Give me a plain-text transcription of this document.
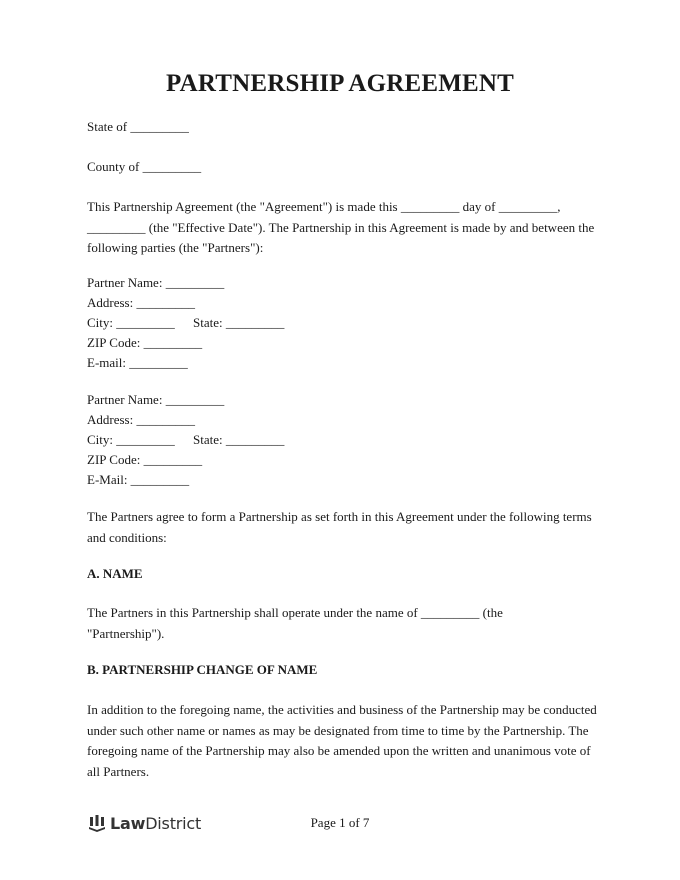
PARTNERSHIP AGREEMENT

State of _________

County of _________

This Partnership Agreement (the "Agreement") is made this _________ day of _________, _________ (the "Effective Date"). The Partnership in this Agreement is made by and between the following parties (the "Partners"):

Partner Name: _________

Address: _________

City: _________ State: _________

ZIP Code: _________

E-mail: _________

Partner Name: _________

Address: _________

City: _________ State: _________

ZIP Code: _________

E-Mail: _________

The Partners agree to form a Partnership as set forth in this Agreement under the following terms and conditions:

A. NAME

The Partners in this Partnership shall operate under the name of _________ (the "Partnership").

B. PARTNERSHIP CHANGE OF NAME

In addition to the foregoing name, the activities and business of the Partnership may be conducted under such other name or names as may be designated from time to time by the Partnership. The foregoing name of the Partnership may also be amended upon the written and unanimous vote of all Partners.

LawDistrict	Page 1 of 7
